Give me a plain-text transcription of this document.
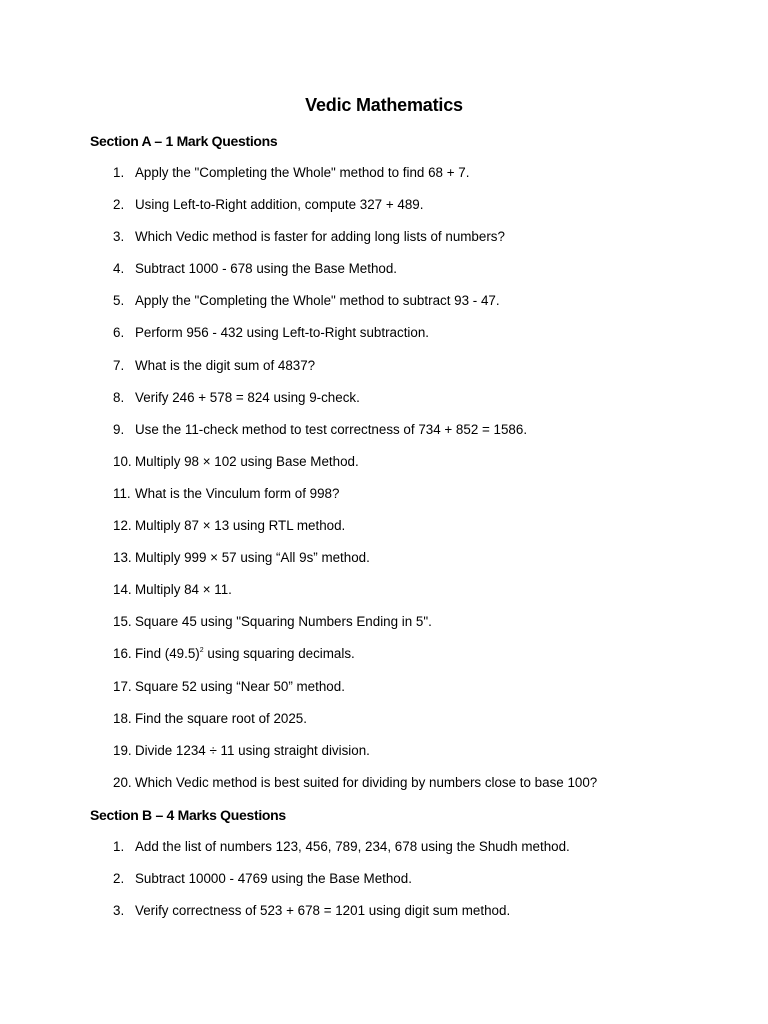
Vedic Mathematics
Section A – 1 Mark Questions
1. Apply the "Completing the Whole" method to find 68 + 7.
2. Using Left-to-Right addition, compute 327 + 489.
3. Which Vedic method is faster for adding long lists of numbers?
4. Subtract 1000 - 678 using the Base Method.
5. Apply the "Completing the Whole" method to subtract 93 - 47.
6. Perform 956 - 432 using Left-to-Right subtraction.
7. What is the digit sum of 4837?
8. Verify 246 + 578 = 824 using 9-check.
9. Use the 11-check method to test correctness of 734 + 852 = 1586.
10. Multiply 98 × 102 using Base Method.
11. What is the Vinculum form of 998?
12. Multiply 87 × 13 using RTL method.
13. Multiply 999 × 57 using “All 9s” method.
14. Multiply 84 × 11.
15. Square 45 using "Squaring Numbers Ending in 5".
16. Find $(49.5)^2$ using squaring decimals.
17. Square 52 using “Near 50” method.
18. Find the square root of 2025.
19. Divide 1234 ÷ 11 using straight division.
20. Which Vedic method is best suited for dividing by numbers close to base 100?
Section B – 4 Marks Questions
1. Add the list of numbers 123, 456, 789, 234, 678 using the Shudh method.
2. Subtract 10000 - 4769 using the Base Method.
3. Verify correctness of 523 + 678 = 1201 using digit sum method.
